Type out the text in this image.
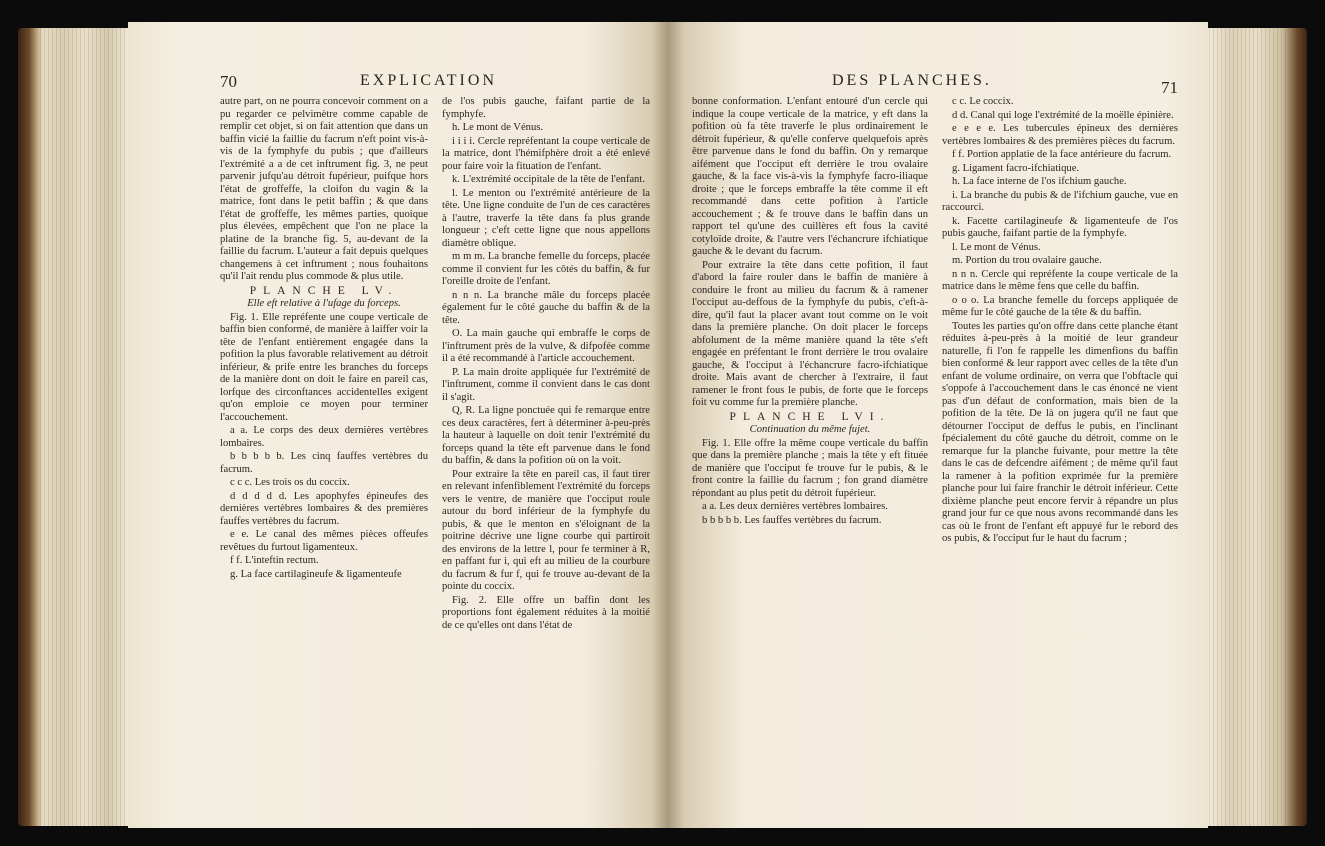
70	EXPLICATION

autre part, on ne pourra concevoir comment on a pu regarder ce pelvimètre comme capable de remplir cet objet, si on fait attention que dans un baffin vicié la faillie du facrum n'eft point vis-à-vis de la fymphyfe du pubis ; que d'ailleurs l'extrémité a a de cet inftrument fig. 3, ne peut parvenir jufqu'au détroit fupérieur, puifque hors l'état de groffeffe, la cloifon du vagin & la matrice, font dans le petit baffin ; & que dans l'état de groffeffe, les mêmes parties, quoique plus élevées, empêchent que l'on ne place la platine de la branche fig. 5, au-devant de la faillie du facrum. L'auteur a fait depuis quelques changemens à cet inftrument ; nous fouhaitons qu'il l'ait rendu plus commode & plus utile.

PLANCHE LV.

Elle eft relative à l'ufage du forceps.

Fig. 1. Elle repréfente une coupe verticale de baffin bien conformé, de manière à laiffer voir la tête de l'enfant entièrement engagée dans la pofition la plus favorable relativement au détroit inférieur, & prife entre les branches du forceps de la manière dont on doit le faire en pareil cas, lorfque des circonftances accidentelles exigent qu'on emploie ce moyen pour terminer l'accouchement.

a a. Le corps des deux dernières vertèbres lombaires.

b b b b b. Les cinq fauffes vertèbres du facrum.

c c c. Les trois os du coccix.

d d d d d. Les apophyfes épineufes des dernières vertèbres lombaires & des premières fauffes vertèbres du facrum.

e e. Le canal des mêmes pièces offeufes revêtues du furtout ligamenteux.

f f. L'inteftin rectum.

g. La face cartilagineufe & ligamenteufe

de l'os pubis gauche, faifant partie de la fymphyfe.

h. Le mont de Vénus.

i i i i. Cercle repréfentant la coupe verticale de la matrice, dont l'hémifphère droit a été enlevé pour faire voir la fituation de l'enfant.

k. L'extrémité occipitale de la tête de l'enfant.

l. Le menton ou l'extrémité antérieure de la tête. Une ligne conduite de l'un de ces caractères à l'autre, traverfe la tête dans fa plus grande longueur ; c'eft cette ligne que nous appellons diamètre oblique.

m m m. La branche femelle du forceps, placée comme il convient fur les côtés du baffin, & fur l'oreille droite de l'enfant.

n n n. La branche mâle du forceps placée également fur le côté gauche du baffin & de la tête.

O. La main gauche qui embraffe le corps de l'inftrument près de la vulve, & difpofée comme il a été recommandé à l'article accouchement.

P. La main droite appliquée fur l'extrémité de l'inftrument, comme il convient dans le cas dont il s'agit.

Q, R. La ligne ponctuée qui fe remarque entre ces deux caractères, fert à déterminer à-peu-près la hauteur à laquelle on doit tenir l'extrémité du forceps quand la tête eft parvenue dans le fond du baffin, & dans la pofition où on la voit.

Pour extraire la tête en pareil cas, il faut tirer en relevant infenfiblement l'extrémité du forceps vers le ventre, de manière que l'occiput roule autour du bord inférieur de la fymphyfe du pubis, & que le menton en s'éloignant de la poitrine décrive une ligne courbe qui partiroit des environs de la lettre l, pour fe terminer à R, en paffant fur i, qui eft au milieu de la courbure du facrum & fur f, qui fe trouve au-devant de la pointe du coccix.

Fig. 2. Elle offre un baffin dont les proportions font également réduites à la moitié de ce qu'elles ont dans l'état de

DES PLANCHES.	71

bonne conformation. L'enfant entouré d'un cercle qui indique la coupe verticale de la matrice, y eft dans la pofition où fa tête traverfe le plus ordinairement le détroit fupérieur, & qu'elle conferve quelquefois après être parvenue dans le fond du baffin. On y remarque aifément que l'occiput eft derrière le trou ovalaire gauche, & la face vis-à-vis la fymphyfe facro-iliaque droite ; que le forceps embraffe la tête comme il eft recommandé dans cette pofition à l'article accouchement ; & fe trouve dans le baffin dans un rapport tel qu'une des cuillères eft fous la cavité cotyloïde droite, & l'autre vers l'échancrure ifchiatique gauche & le devant du facrum.

Pour extraire la tête dans cette pofition, il faut d'abord la faire rouler dans le baffin de manière à conduire le front au milieu du facrum & à ramener l'occiput au-deffous de la fymphyfe du pubis, c'eft-à-dire, qu'il faut la placer avant tout comme on le voit dans la première planche. On doit placer le forceps abfolument de la même manière quand la tête s'eft engagée en préfentant le front derrière le trou ovalaire gauche, & l'occiput à l'échancrure facro-ifchiatique droite. Mais avant de chercher à l'extraire, il faut ramener le front fous le pubis, de forte que le forceps foit vu comme fur la première planche.

PLANCHE LVI.

Continuation du même fujet.

Fig. 1. Elle offre la même coupe verticale du baffin que dans la première planche ; mais la tête y eft fituée de manière que l'occiput fe trouve fur le pubis, & le front contre la faillie du facrum ; fon grand diamètre répondant au plus petit du détroit fupérieur.

a a. Les deux dernières vertèbres lombaires.

b b b b b. Les fauffes vertèbres du facrum.

c c. Le coccix.

d d. Canal qui loge l'extrémité de la moëlle épinière.

e e e e. Les tubercules épineux des dernières vertèbres lombaires & des premières pièces du facrum.

f f. Portion applatie de la face antérieure du facrum.

g. Ligament facro-ifchiatique.

h. La face interne de l'os ifchium gauche.

i. La branche du pubis & de l'ifchium gauche, vue en raccourci.

k. Facette cartilagineufe & ligamenteufe de l'os pubis gauche, faifant partie de la fymphyfe.

l. Le mont de Vénus.

m. Portion du trou ovalaire gauche.

n n n. Cercle qui repréfente la coupe verticale de la matrice dans le même fens que celle du baffin.

o o o. La branche femelle du forceps appliquée de même fur le côté gauche de la tête & du baffin.

Toutes les parties qu'on offre dans cette planche étant réduites à-peu-près à la moitié de leur grandeur naturelle, fi l'on fe rappelle les dimenfions du baffin bien conformé & leur rapport avec celles de la tête d'un enfant de volume ordinaire, on verra que l'obftacle qui s'oppofe à l'accouchement dans le cas énoncé ne vient pas d'un défaut de conformation, mais bien de la pofition de la tête. De là on jugera qu'il ne faut que détourner l'occiput de deffus le pubis, en l'inclinant fpécialement du côté gauche du détroit, comme on le remarque fur la planche fuivante, pour mettre la tête dans le cas de defcendre aifément ; de même qu'il faut la ramener à la pofition exprimée fur la première planche pour lui faire franchir le détroit inférieur. Cette dixième planche peut encore fervir à répandre un plus grand jour fur ce que nous avons recommandé dans les cas où le front de l'enfant eft appuyé fur le rebord des os pubis, & l'occiput fur le haut du facrum ;
